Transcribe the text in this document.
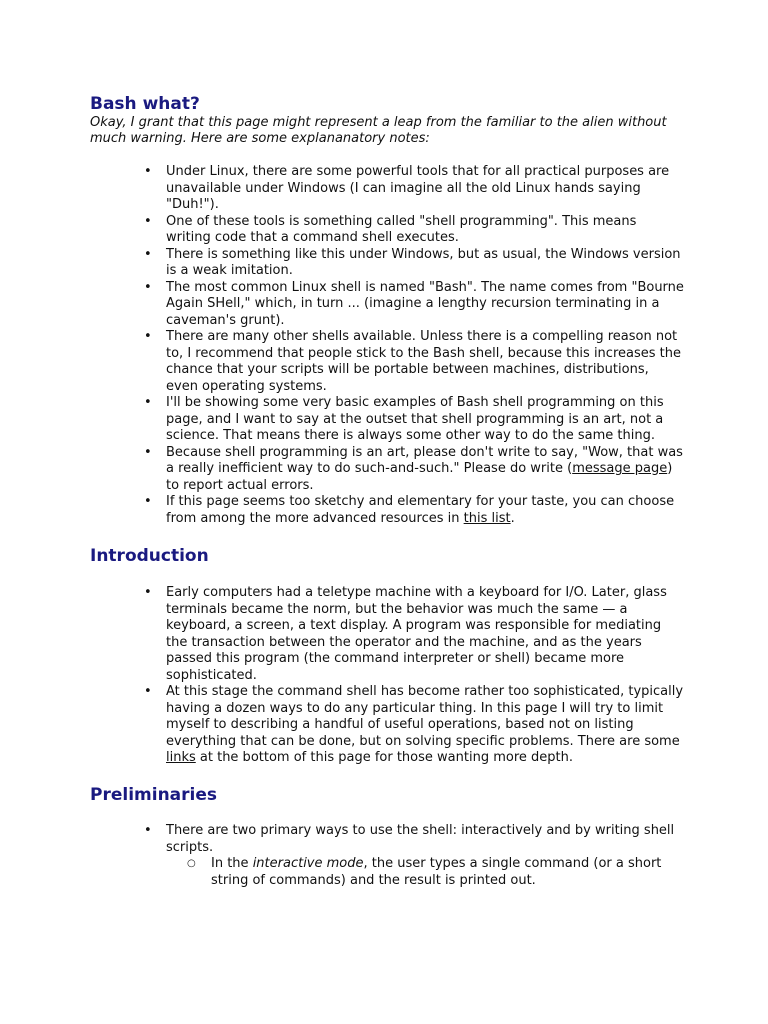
Bash what?

Okay, I grant that this page might represent a leap from the familiar to the alien without much warning. Here are some explananatory notes:

• Under Linux, there are some powerful tools that for all practical purposes are unavailable under Windows (I can imagine all the old Linux hands saying "Duh!").
• One of these tools is something called "shell programming". This means writing code that a command shell executes.
• There is something like this under Windows, but as usual, the Windows version is a weak imitation.
• The most common Linux shell is named "Bash". The name comes from "Bourne Again SHell," which, in turn ... (imagine a lengthy recursion terminating in a caveman's grunt).
• There are many other shells available. Unless there is a compelling reason not to, I recommend that people stick to the Bash shell, because this increases the chance that your scripts will be portable between machines, distributions, even operating systems.
• I'll be showing some very basic examples of Bash shell programming on this page, and I want to say at the outset that shell programming is an art, not a science. That means there is always some other way to do the same thing.
• Because shell programming is an art, please don't write to say, "Wow, that was a really inefficient way to do such-and-such." Please do write (message page) to report actual errors.
• If this page seems too sketchy and elementary for your taste, you can choose from among the more advanced resources in this list.
Introduction
• Early computers had a teletype machine with a keyboard for I/O. Later, glass terminals became the norm, but the behavior was much the same — a keyboard, a screen, a text display. A program was responsible for mediating the transaction between the operator and the machine, and as the years passed this program (the command interpreter or shell) became more sophisticated.
• At this stage the command shell has become rather too sophisticated, typically having a dozen ways to do any particular thing. In this page I will try to limit myself to describing a handful of useful operations, based not on listing everything that can be done, but on solving specific problems. There are some links at the bottom of this page for those wanting more depth.
Preliminaries
• There are two primary ways to use the shell: interactively and by writing shell scripts.
○ In the interactive mode, the user types a single command (or a short string of commands) and the result is printed out.
